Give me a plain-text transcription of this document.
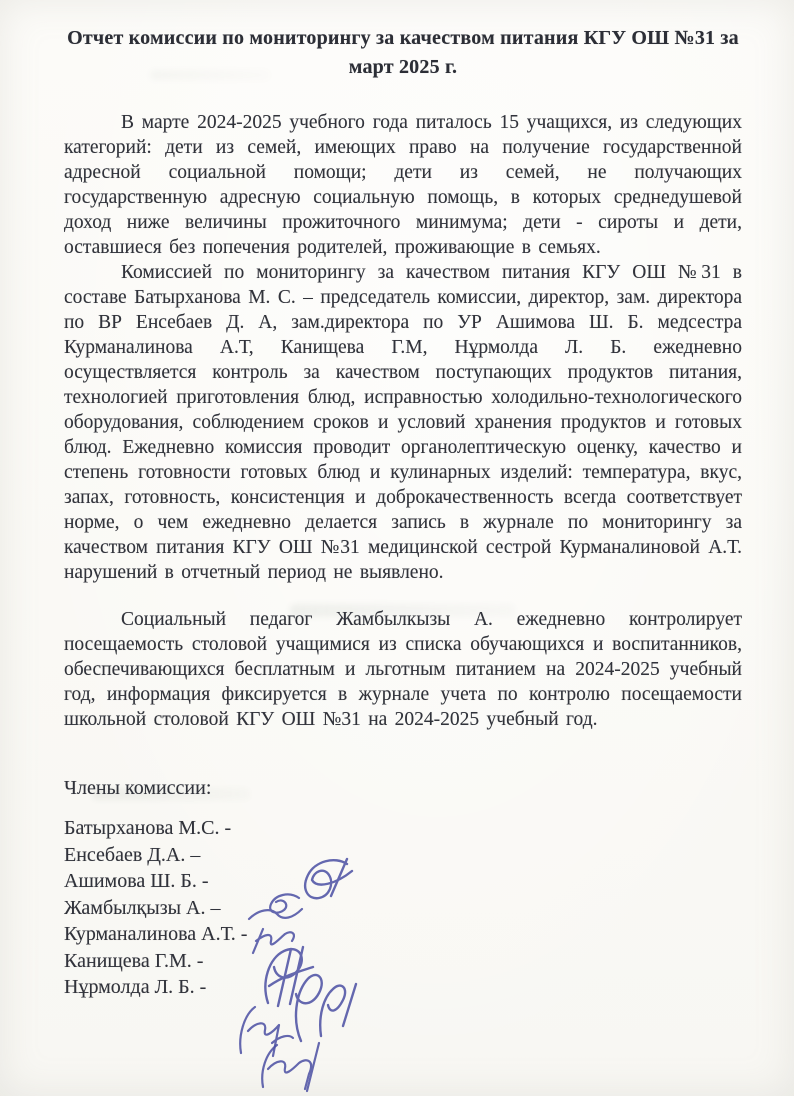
Отчет комиссии по мониторингу за качеством питания КГУ ОШ №31 за
март 2025 г.

В марте 2024-2025 учебного года питалось 15 учащихся, из следующих категорий: дети из семей, имеющих право на получение государственной адресной социальной помощи; дети из семей, не получающих государственную адресную социальную помощь, в которых среднедушевой доход ниже величины прожиточного минимума; дети - сироты и дети, оставшиеся без попечения родителей, проживающие в семьях.

Комиссией по мониторингу за качеством питания КГУ ОШ №31 в составе Батырханова М. С. – председатель комиссии, директор, зам. директора по ВР Енсебаев Д. А, зам.директора по УР Ашимова Ш. Б. медсестра Курманалинова А.Т, Канищева Г.М, Нұрмолда Л. Б. ежедневно осуществляется контроль за качеством поступающих продуктов питания, технологией приготовления блюд, исправностью холодильно-технологического оборудования, соблюдением сроков и условий хранения продуктов и готовых блюд. Ежедневно комиссия проводит органолептическую оценку, качество и степень готовности готовых блюд и кулинарных изделий: температура, вкус, запах, готовность, консистенция и доброкачественность всегда соответствует норме, о чем ежедневно делается запись в журнале по мониторингу за качеством питания КГУ ОШ №31 медицинской сестрой Курманалиновой А.Т. нарушений в отчетный период не выявлено.

Социальный педагог Жамбылкызы А. ежедневно контролирует посещаемость столовой учащимися из списка обучающихся и воспитанников, обеспечивающихся бесплатным и льготным питанием на 2024-2025 учебный год, информация фиксируется в журнале учета по контролю посещаемости школьной столовой КГУ ОШ №31 на 2024-2025 учебный год.

Члены комиссии:
Батырханова М.С. -
Енсебаев Д.А. –
Ашимова Ш. Б. -
Жамбылқызы А. –
Курманалинова А.Т. -
Канищева Г.М. -
Нұрмолда Л. Б. -
